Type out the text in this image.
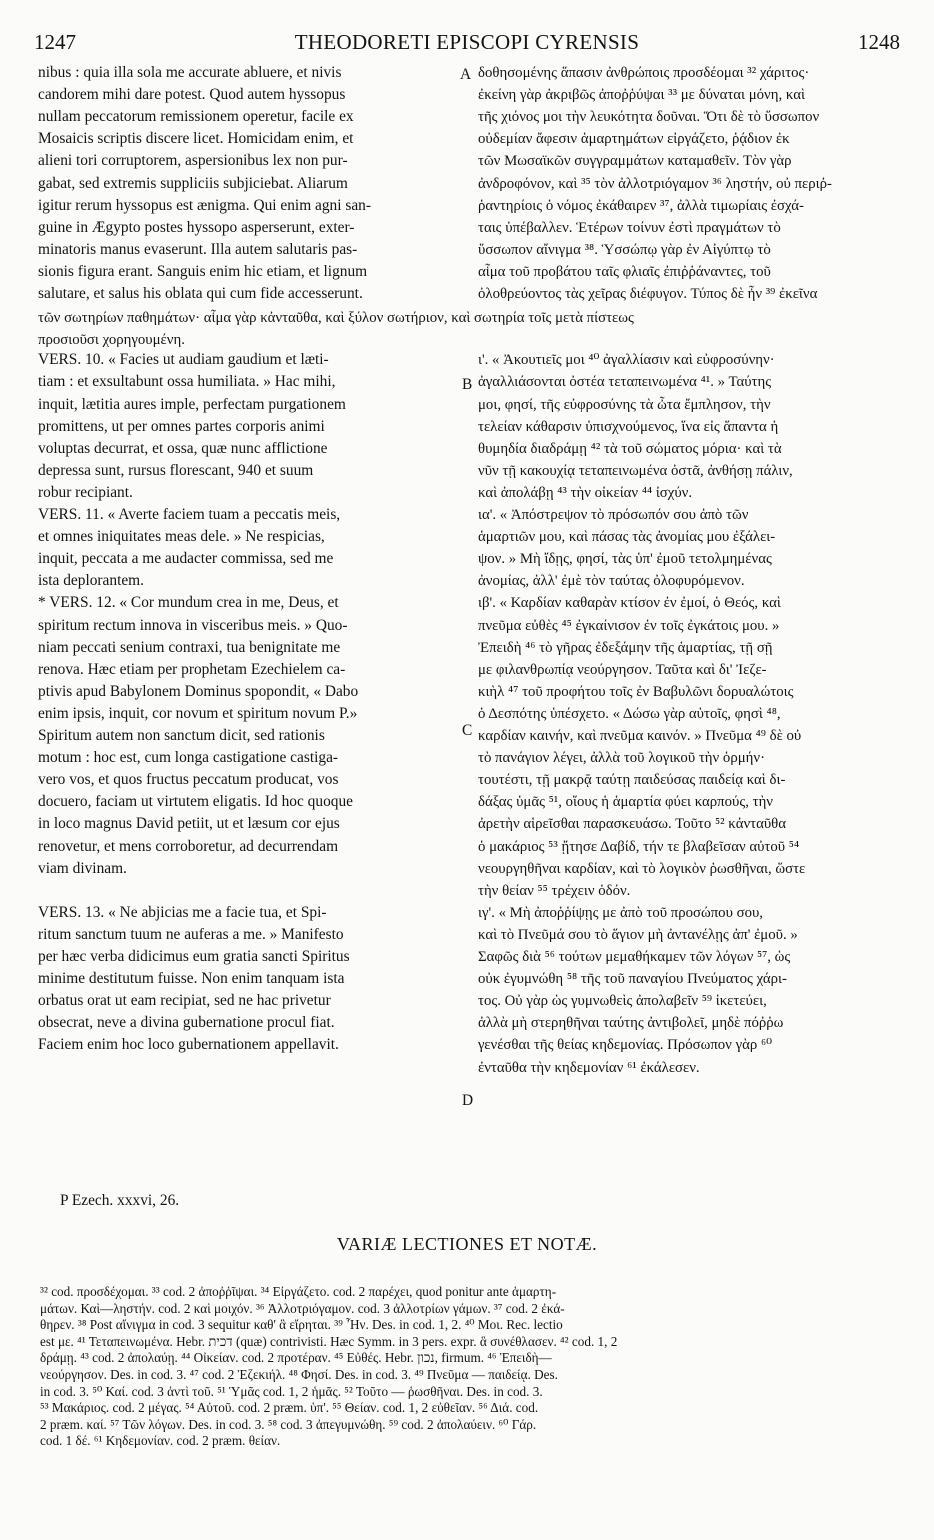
1247	THEODORETI EPISCOPI CYRENSIS	1248
nibus : quia illa sola me accurate abluere, et nivis
candorem mihi dare potest. Quod autem hyssopus
nullam peccatorum remissionem operetur, facile ex
Mosaicis scriptis discere licet. Homicidam enim, et
alieni tori corruptorem, aspersionibus lex non pur-
gabat, sed extremis suppliciis subjiciebat. Aliarum
igitur rerum hyssopus est ænigma. Qui enim agni san-
guine in Ægypto postes hyssopo asperserunt, exter-
minatoris manus evaserunt. Illa autem salutaris pas-
sionis figura erant. Sanguis enim hic etiam, et lignum
salutare, et salus his oblata qui cum fide accesserunt.
VERS. 10. « Facies ut audiam gaudium et læti-
tiam : et exsultabunt ossa humiliata. » Hac mihi,
inquit, lætitia aures imple, perfectam purgationem
promittens, ut per omnes partes corporis animi
voluptas decurrat, et ossa, quæ nunc afflictione
depressa sunt, rursus florescant, 940 et suum
robur recipiant.
VERS. 11. « Averte faciem tuam a peccatis meis,
et omnes iniquitates meas dele. » Ne respicias,
inquit, peccata a me audacter commissa, sed me
ista deplorantem.
* VERS. 12. « Cor mundum crea in me, Deus, et
spiritum rectum innova in visceribus meis. » Quo-
niam peccati senium contraxi, tua benignitate me
renova. Hæc etiam per prophetam Ezechielem ca-
ptivis apud Babylonem Dominus spopondit, « Dabo
enim ipsis, inquit, cor novum et spiritum novum P.»
Spiritum autem non sanctum dicit, sed rationis
motum : hoc est, cum longa castigatione castiga-
vero vos, et quos fructus peccatum producat, vos
docuero, faciam ut virtutem eligatis. Id hoc quoque
in loco magnus David petiit, ut et læsum cor ejus
renovetur, et mens corroboretur, ad decurrendam
viam divinam.
VERS. 13. « Ne abjicias me a facie tua, et Spi-
ritum sanctum tuum ne auferas a me. » Manifesto
per hæc verba didicimus eum gratia sancti Spiritus
minime destitutum fuisse. Non enim tanquam ista
orbatus orat ut eam recipiat, sed ne hac privetur
obsecrat, neve a divina gubernatione procul fiat.
Faciem enim hoc loco gubernationem appellavit.
δοθησομένης ἅπασιν ἀνθρώποις προσδέομαι ³² χάριτος·
ἐκείνη γὰρ ἀκριβῶς ἀποῤῥύψαι ³³ με δύναται μόνη, καὶ
τῆς χιόνος μοι τὴν λευκότητα δοῦναι. Ὅτι δὲ τὸ ὕσσωπον
οὐδεμίαν ἄφεσιν ἁμαρτημάτων εἰργάζετο, ῥᾴδιον ἐκ
τῶν Μωσαϊκῶν συγγραμμάτων καταμαθεῖν. Τὸν γὰρ
ἀνδροφόνον, καὶ ³⁵ τὸν ἀλλοτριόγαμον ³⁶ ληστήν, οὐ περιῤ-
ῥαντηρίοις ὁ νόμος ἐκάθαιρεν ³⁷, ἀλλὰ τιμωρίαις ἐσχά-
ταις ὑπέβαλλεν. Ἑτέρων τοίνυν ἐστὶ πραγμάτων τὸ
ὕσσωπον αἴνιγμα ³⁸. Ὑσσώπῳ γὰρ ἐν Αἰγύπτῳ τὸ
αἷμα τοῦ προβάτου ταῖς φλιαῖς ἐπιῤῥάναντες, τοῦ
ὀλοθρεύοντος τὰς χεῖρας διέφυγον. Τύπος δὲ ἦν ³⁹ ἐκεῖνα
ι'. « Ἀκουτιεῖς μοι ⁴⁰ ἀγαλλίασιν καὶ εὐφροσύνην·
ἀγαλλιάσονται ὀστέα τεταπεινωμένα ⁴¹. » Ταύτης
μοι, φησί, τῆς εὐφροσύνης τὰ ὦτα ἔμπλησον, τὴν
τελείαν κάθαρσιν ὑπισχνούμενος, ἵνα εἰς ἅπαντα ἡ
θυμηδία διαδράμῃ ⁴² τὰ τοῦ σώματος μόρια· καὶ τὰ
νῦν τῇ κακουχίᾳ τεταπεινωμένα ὀστᾶ, ἀνθήσῃ πάλιν,
καὶ ἀπολάβῃ ⁴³ τὴν οἰκείαν ⁴⁴ ἰσχύν.
ια'. « Ἀπόστρεψον τὸ πρόσωπόν σου ἀπὸ τῶν
ἁμαρτιῶν μου, καὶ πάσας τὰς ἀνομίας μου ἐξάλει-
ψον. » Μὴ ἴδῃς, φησί, τὰς ὑπ' ἐμοῦ τετολμημένας
ἀνομίας, ἀλλ' ἐμὲ τὸν ταύτας ὀλοφυρόμενον.
ιβ'. « Καρδίαν καθαρὰν κτίσον ἐν ἐμοί, ὁ Θεός, καὶ
πνεῦμα εὐθὲς ⁴⁵ ἐγκαίνισον ἐν τοῖς ἐγκάτοις μου. »
Ἐπειδὴ ⁴⁶ τὸ γῆρας ἐδεξάμην τῆς ἁμαρτίας, τῇ σῇ
με φιλανθρωπίᾳ νεούργησον. Ταῦτα καὶ δι' Ἰεζε-
κιὴλ ⁴⁷ τοῦ προφήτου τοῖς ἐν Βαβυλῶνι δορυαλώτοις
ὁ Δεσπότης ὑπέσχετο. « Δώσω γὰρ αὐτοῖς, φησὶ ⁴⁸,
καρδίαν καινήν, καὶ πνεῦμα καινόν. » Πνεῦμα ⁴⁹ δὲ οὐ
τὸ πανάγιον λέγει, ἀλλὰ τοῦ λογικοῦ τὴν ὁρμήν·
τουτέστι, τῇ μακρᾷ ταύτῃ παιδεύσας παιδείᾳ καὶ δι-
δάξας ὑμᾶς ⁵¹, οἵους ἡ ἁμαρτία φύει καρπούς, τὴν
ἀρετὴν αἱρεῖσθαι παρασκευάσω. Τοῦτο ⁵² κἀνταῦθα
ὁ μακάριος ⁵³ ᾔτησε Δαβίδ, τήν τε βλαβεῖσαν αὐτοῦ ⁵⁴
νεουργηθῆναι καρδίαν, καὶ τὸ λογικὸν ῥωσθῆναι, ὥστε
τὴν θείαν ⁵⁵ τρέχειν ὁδόν.
ιγ'. « Μὴ ἀποῤῥίψῃς με ἀπὸ τοῦ προσώπου σου,
καὶ τὸ Πνεῦμά σου τὸ ἅγιον μὴ ἀντανέλῃς ἀπ' ἐμοῦ. »
Σαφῶς διὰ ⁵⁶ τούτων μεμαθήκαμεν τῶν λόγων ⁵⁷, ὡς
οὐκ ἐγυμνώθη ⁵⁸ τῆς τοῦ παναγίου Πνεύματος χάρι-
τος. Οὐ γὰρ ὡς γυμνωθεὶς ἀπολαβεῖν ⁵⁹ ἱκετεύει,
ἀλλὰ μὴ στερηθῆναι ταύτης ἀντιβολεῖ, μηδὲ πόῤῥω
γενέσθαι τῆς θείας κηδεμονίας. Πρόσωπον γὰρ ⁶⁰
ἐνταῦθα τὴν κηδεμονίαν ⁶¹ ἐκάλεσεν.
τῶν σωτηρίων παθημάτων· αἷμα γὰρ κἀνταῦθα, καὶ ξύλον σωτήριον, καὶ σωτηρία τοῖς μετὰ πίστεως
προσιοῦσι χορηγουμένη.
A
B
C
D
P Ezech. xxxvi, 26.
VARIÆ LECTIONES ET NOTÆ.
³² cod. προσδέχομαι. ³³ cod. 2 ἀποῤῥῖψαι. ³⁴ Εἰργάζετο. cod. 2 παρέχει, quod ponitur ante ἁμαρτη-
μάτων. Καὶ—ληστήν. cod. 2 καὶ μοιχόν. ³⁶ Ἀλλοτριόγαμον. cod. 3 ἀλλοτρίων γάμων. ³⁷ cod. 2 ἐκά-
θηρεν. ³⁸ Post αἴνιγμα in cod. 3 sequitur καθ' ἃ εἴρηται. ³⁹ Ἦν. Des. in cod. 1, 2. ⁴⁰ Μοι. Rec. lectio
est με. ⁴¹ Τεταπεινωμένα. Hebr. דכית (quæ) contrivisti. Hæc Symm. in 3 pers. expr. ἃ συνέθλασεν. ⁴² cod. 1, 2
δράμῃ. ⁴³ cod. 2 ἀπολαύῃ. ⁴⁴ Οἰκείαν. cod. 2 προτέραν. ⁴⁵ Εὐθές. Hebr. נכון, firmum. ⁴⁶ Ἐπειδὴ—
νεούργησον. Des. in cod. 3. ⁴⁷ cod. 2 Ἐζεκιήλ. ⁴⁸ Φησί. Des. in cod. 3. ⁴⁹ Πνεῦμα — παιδείᾳ. Des.
in cod. 3. ⁵⁰ Καί. cod. 3 ἀντὶ τοῦ. ⁵¹ Ὑμᾶς cod. 1, 2 ἡμᾶς. ⁵² Τοῦτο — ῥωσθῆναι. Des. in cod. 3.
⁵³ Μακάριος. cod. 2 μέγας. ⁵⁴ Αὐτοῦ. cod. 2 præm. ὑπ'. ⁵⁵ Θείαν. cod. 1, 2 εὐθεῖαν. ⁵⁶ Διά. cod.
2 præm. καί. ⁵⁷ Τῶν λόγων. Des. in cod. 3. ⁵⁸ cod. 3 ἀπεγυμνώθη. ⁵⁹ cod. 2 ἀπολαύειν. ⁶⁰ Γάρ.
cod. 1 δέ. ⁶¹ Κηδεμονίαν. cod. 2 præm. θείαν.
